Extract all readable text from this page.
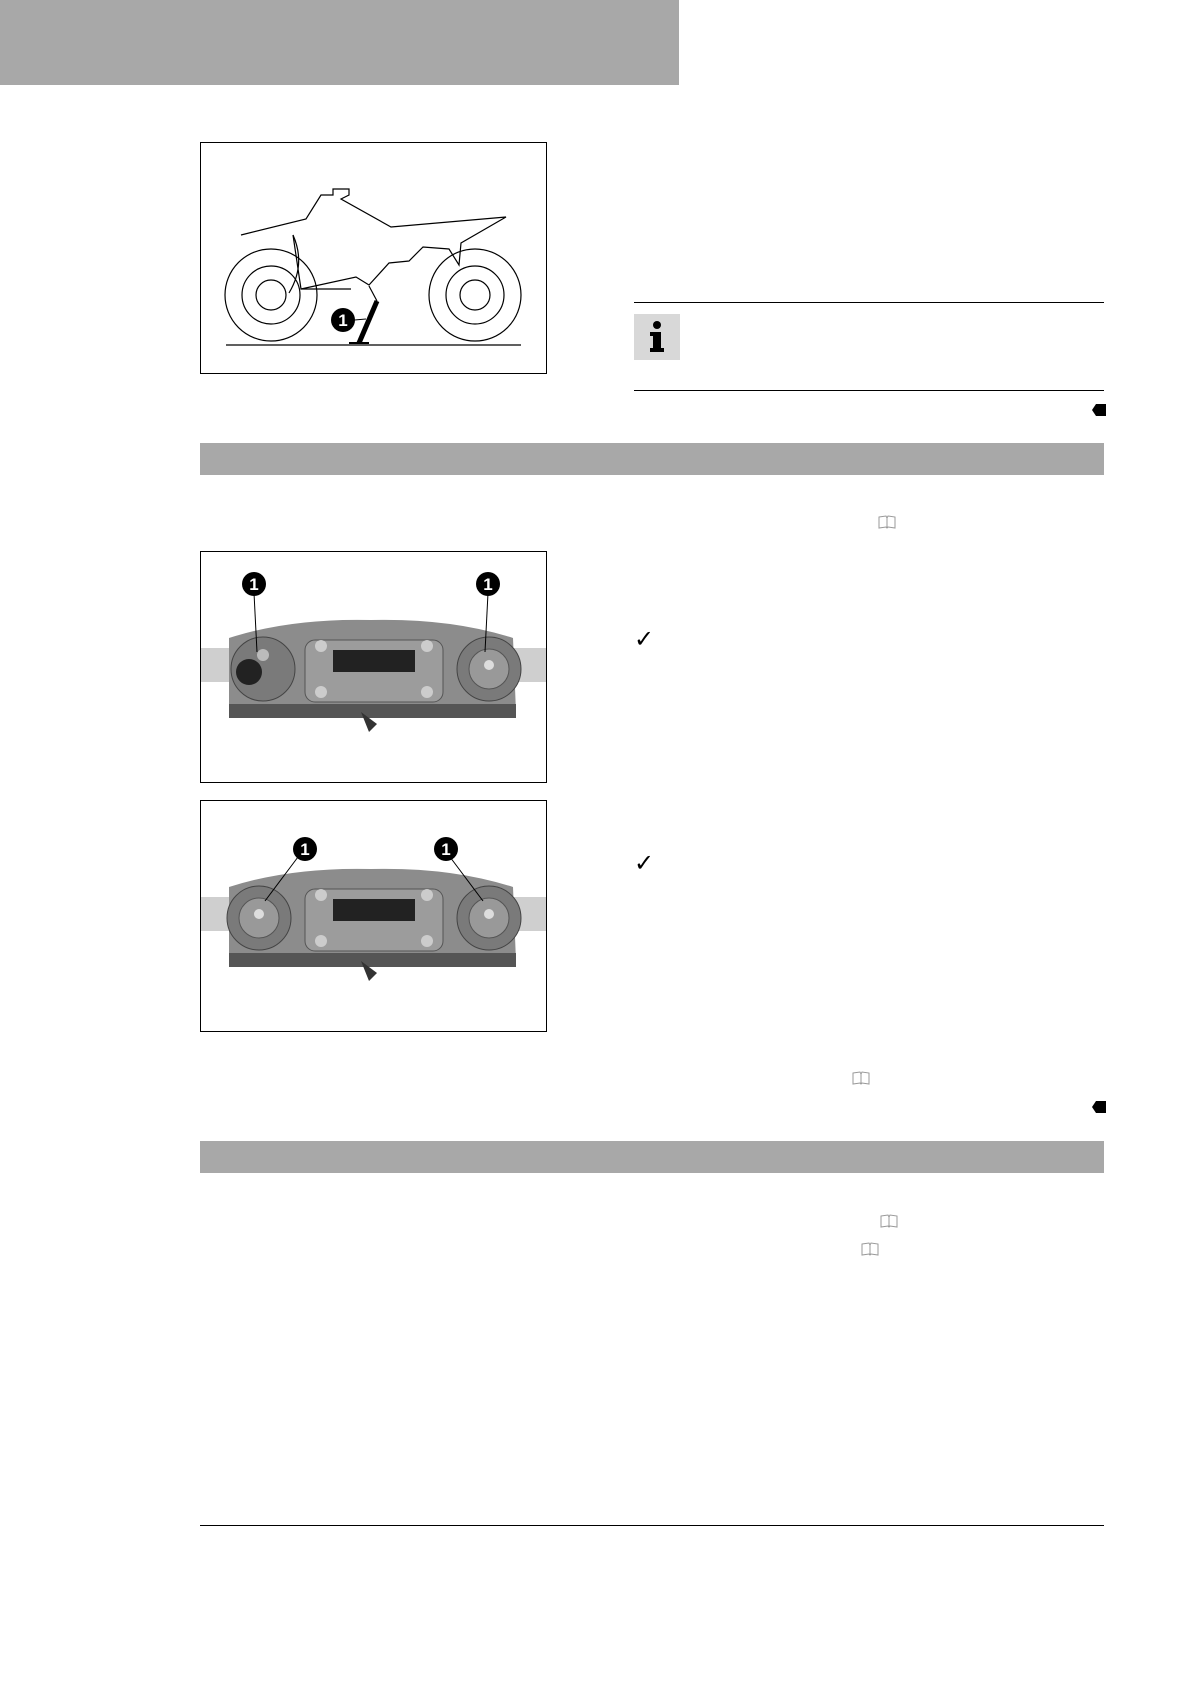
1
1	1
✓
1	1	✓
